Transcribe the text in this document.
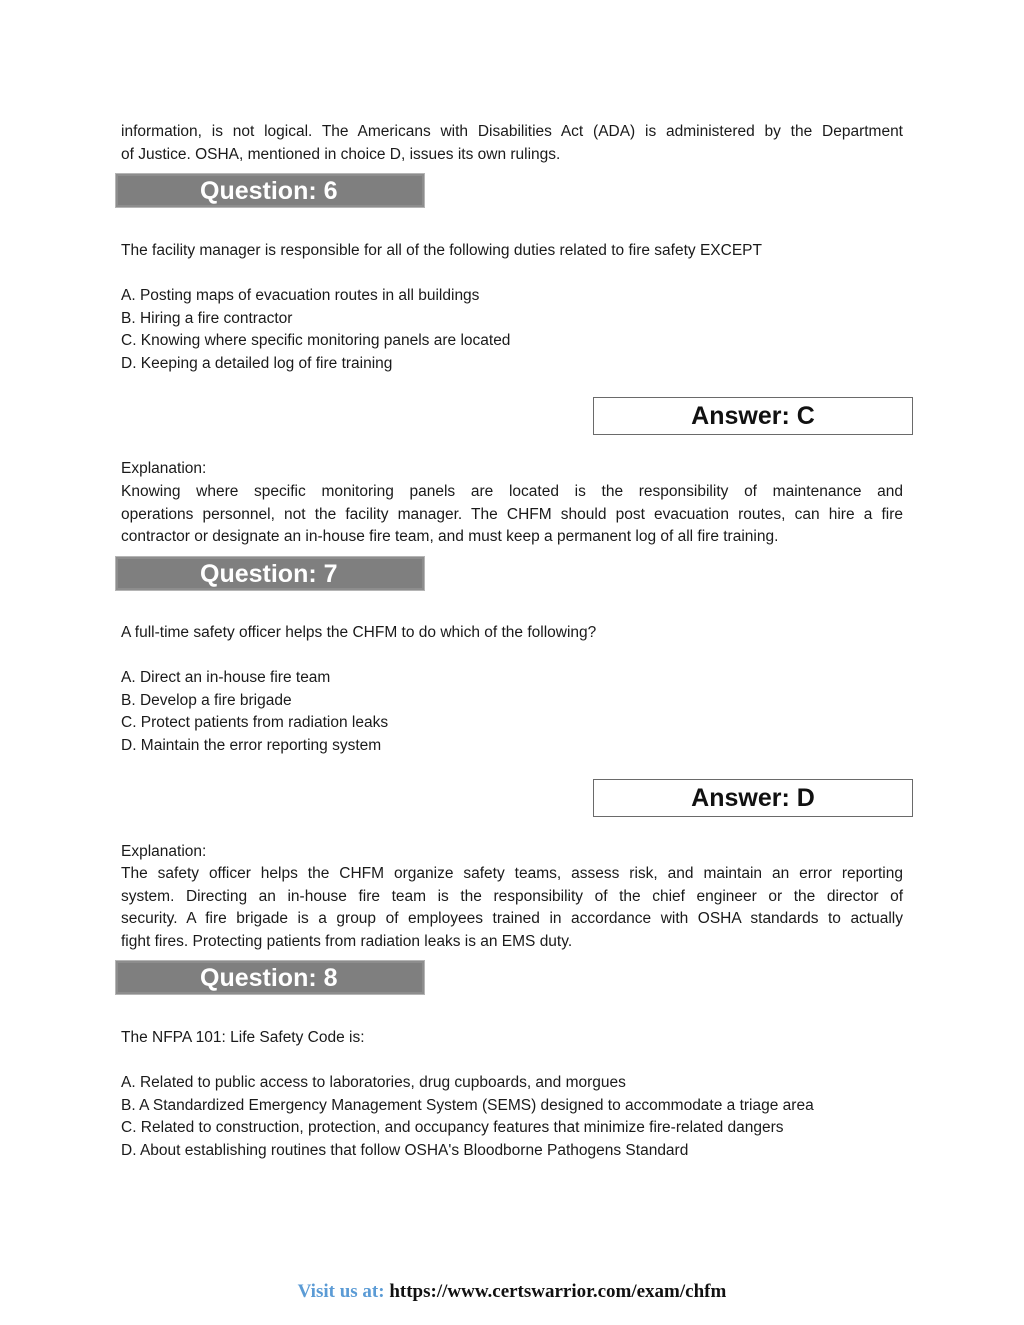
information, is not logical. The Americans with Disabilities Act (ADA) is administered by the Department
of Justice. OSHA, mentioned in choice D, issues its own rulings.
Question: 6
The facility manager is responsible for all of the following duties related to fire safety EXCEPT
A. Posting maps of evacuation routes in all buildings
B. Hiring a fire contractor
C. Knowing where specific monitoring panels are located
D. Keeping a detailed log of fire training
Answer: C
Explanation:
Knowing where specific monitoring panels are located is the responsibility of maintenance and
operations personnel, not the facility manager. The CHFM should post evacuation routes, can hire a fire
contractor or designate an in-house fire team, and must keep a permanent log of all fire training.
Question: 7
A full-time safety officer helps the CHFM to do which of the following?
A. Direct an in-house fire team
B. Develop a fire brigade
C. Protect patients from radiation leaks
D. Maintain the error reporting system
Answer: D
Explanation:
The safety officer helps the CHFM organize safety teams, assess risk, and maintain an error reporting
system. Directing an in-house fire team is the responsibility of the chief engineer or the director of
security. A fire brigade is a group of employees trained in accordance with OSHA standards to actually
fight fires. Protecting patients from radiation leaks is an EMS duty.
Question: 8
The NFPA 101: Life Safety Code is:
A. Related to public access to laboratories, drug cupboards, and morgues
B. A Standardized Emergency Management System (SEMS) designed to accommodate a triage area
C. Related to construction, protection, and occupancy features that minimize fire-related dangers
D. About establishing routines that follow OSHA's Bloodborne Pathogens Standard
Visit us at: https://www.certswarrior.com/exam/chfm
